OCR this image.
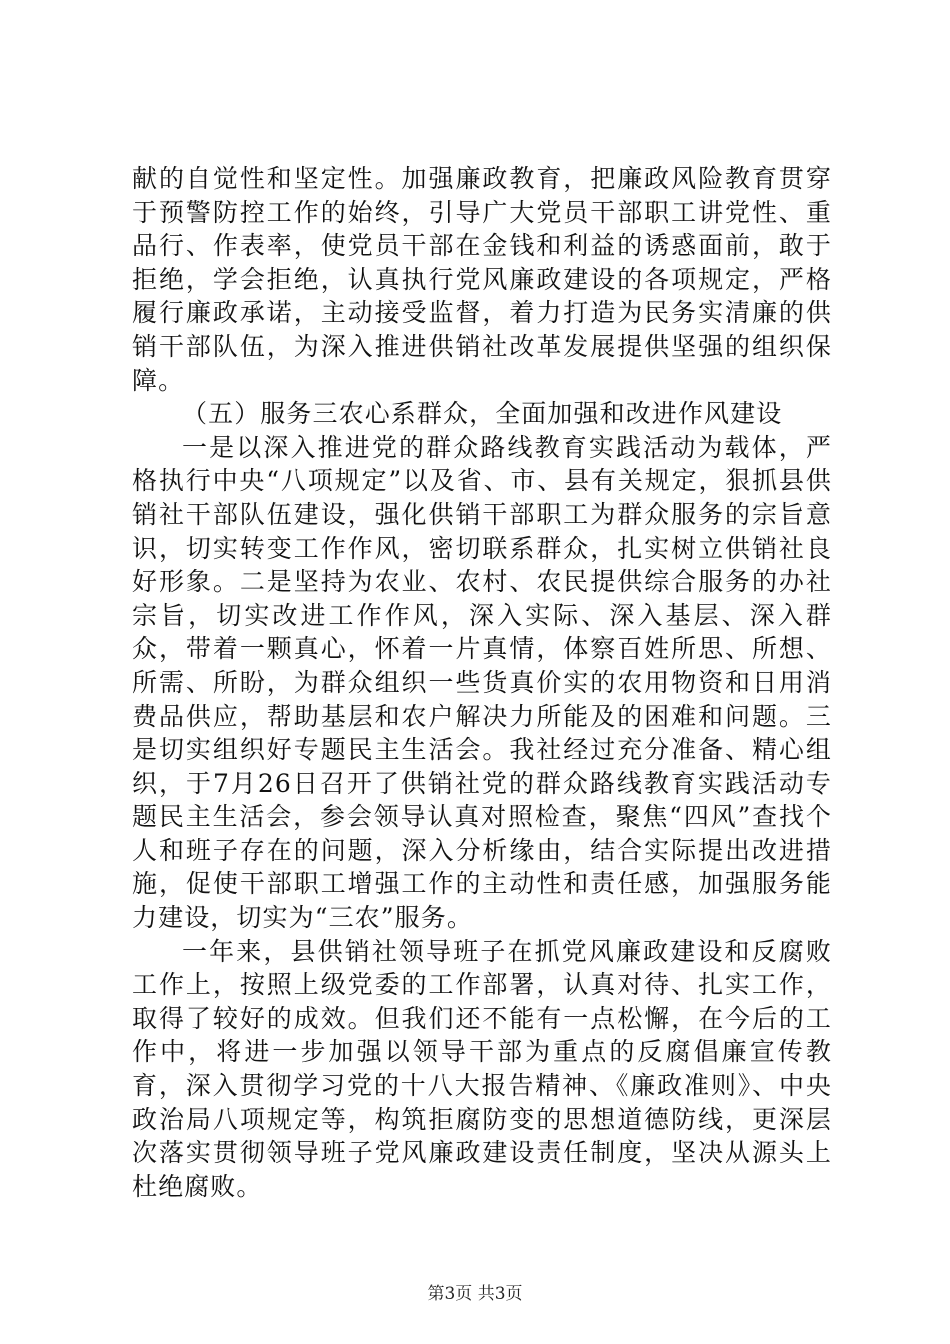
献的自觉性和坚定性。加强廉政教育，把廉政风险教育贯穿于预警防控工作的始终，引导广大党员干部职工讲党性、重品行、作表率，使党员干部在金钱和利益的诱惑面前，敢于拒绝，学会拒绝，认真执行党风廉政建设的各项规定，严格履行廉政承诺，主动接受监督，着力打造为民务实清廉的供销干部队伍，为深入推进供销社改革发展提供坚强的组织保障。

（五）服务三农心系群众，全面加强和改进作风建设

一是以深入推进党的群众路线教育实践活动为载体，严格执行中央“八项规定”以及省、市、县有关规定，狠抓县供销社干部队伍建设，强化供销干部职工为群众服务的宗旨意识，切实转变工作作风，密切联系群众，扎实树立供销社良好形象。二是坚持为农业、农村、农民提供综合服务的办社宗旨，切实改进工作作风，深入实际、深入基层、深入群众，带着一颗真心，怀着一片真情，体察百姓所思、所想、所需、所盼，为群众组织一些货真价实的农用物资和日用消费品供应，帮助基层和农户解决力所能及的困难和问题。三是切实组织好专题民主生活会。我社经过充分准备、精心组织，于7月26日召开了供销社党的群众路线教育实践活动专题民主生活会，参会领导认真对照检查，聚焦“四风”查找个人和班子存在的问题，深入分析缘由，结合实际提出改进措施，促使干部职工增强工作的主动性和责任感，加强服务能力建设，切实为“三农”服务。

一年来，县供销社领导班子在抓党风廉政建设和反腐败工作上，按照上级党委的工作部署，认真对待、扎实工作，取得了较好的成效。但我们还不能有一点松懈，在今后的工作中，将进一步加强以领导干部为重点的反腐倡廉宣传教育，深入贯彻学习党的十八大报告精神、《廉政准则》、中央政治局八项规定等，构筑拒腐防变的思想道德防线，更深层次落实贯彻领导班子党风廉政建设责任制度，坚决从源头上杜绝腐败。

第3页 共3页
